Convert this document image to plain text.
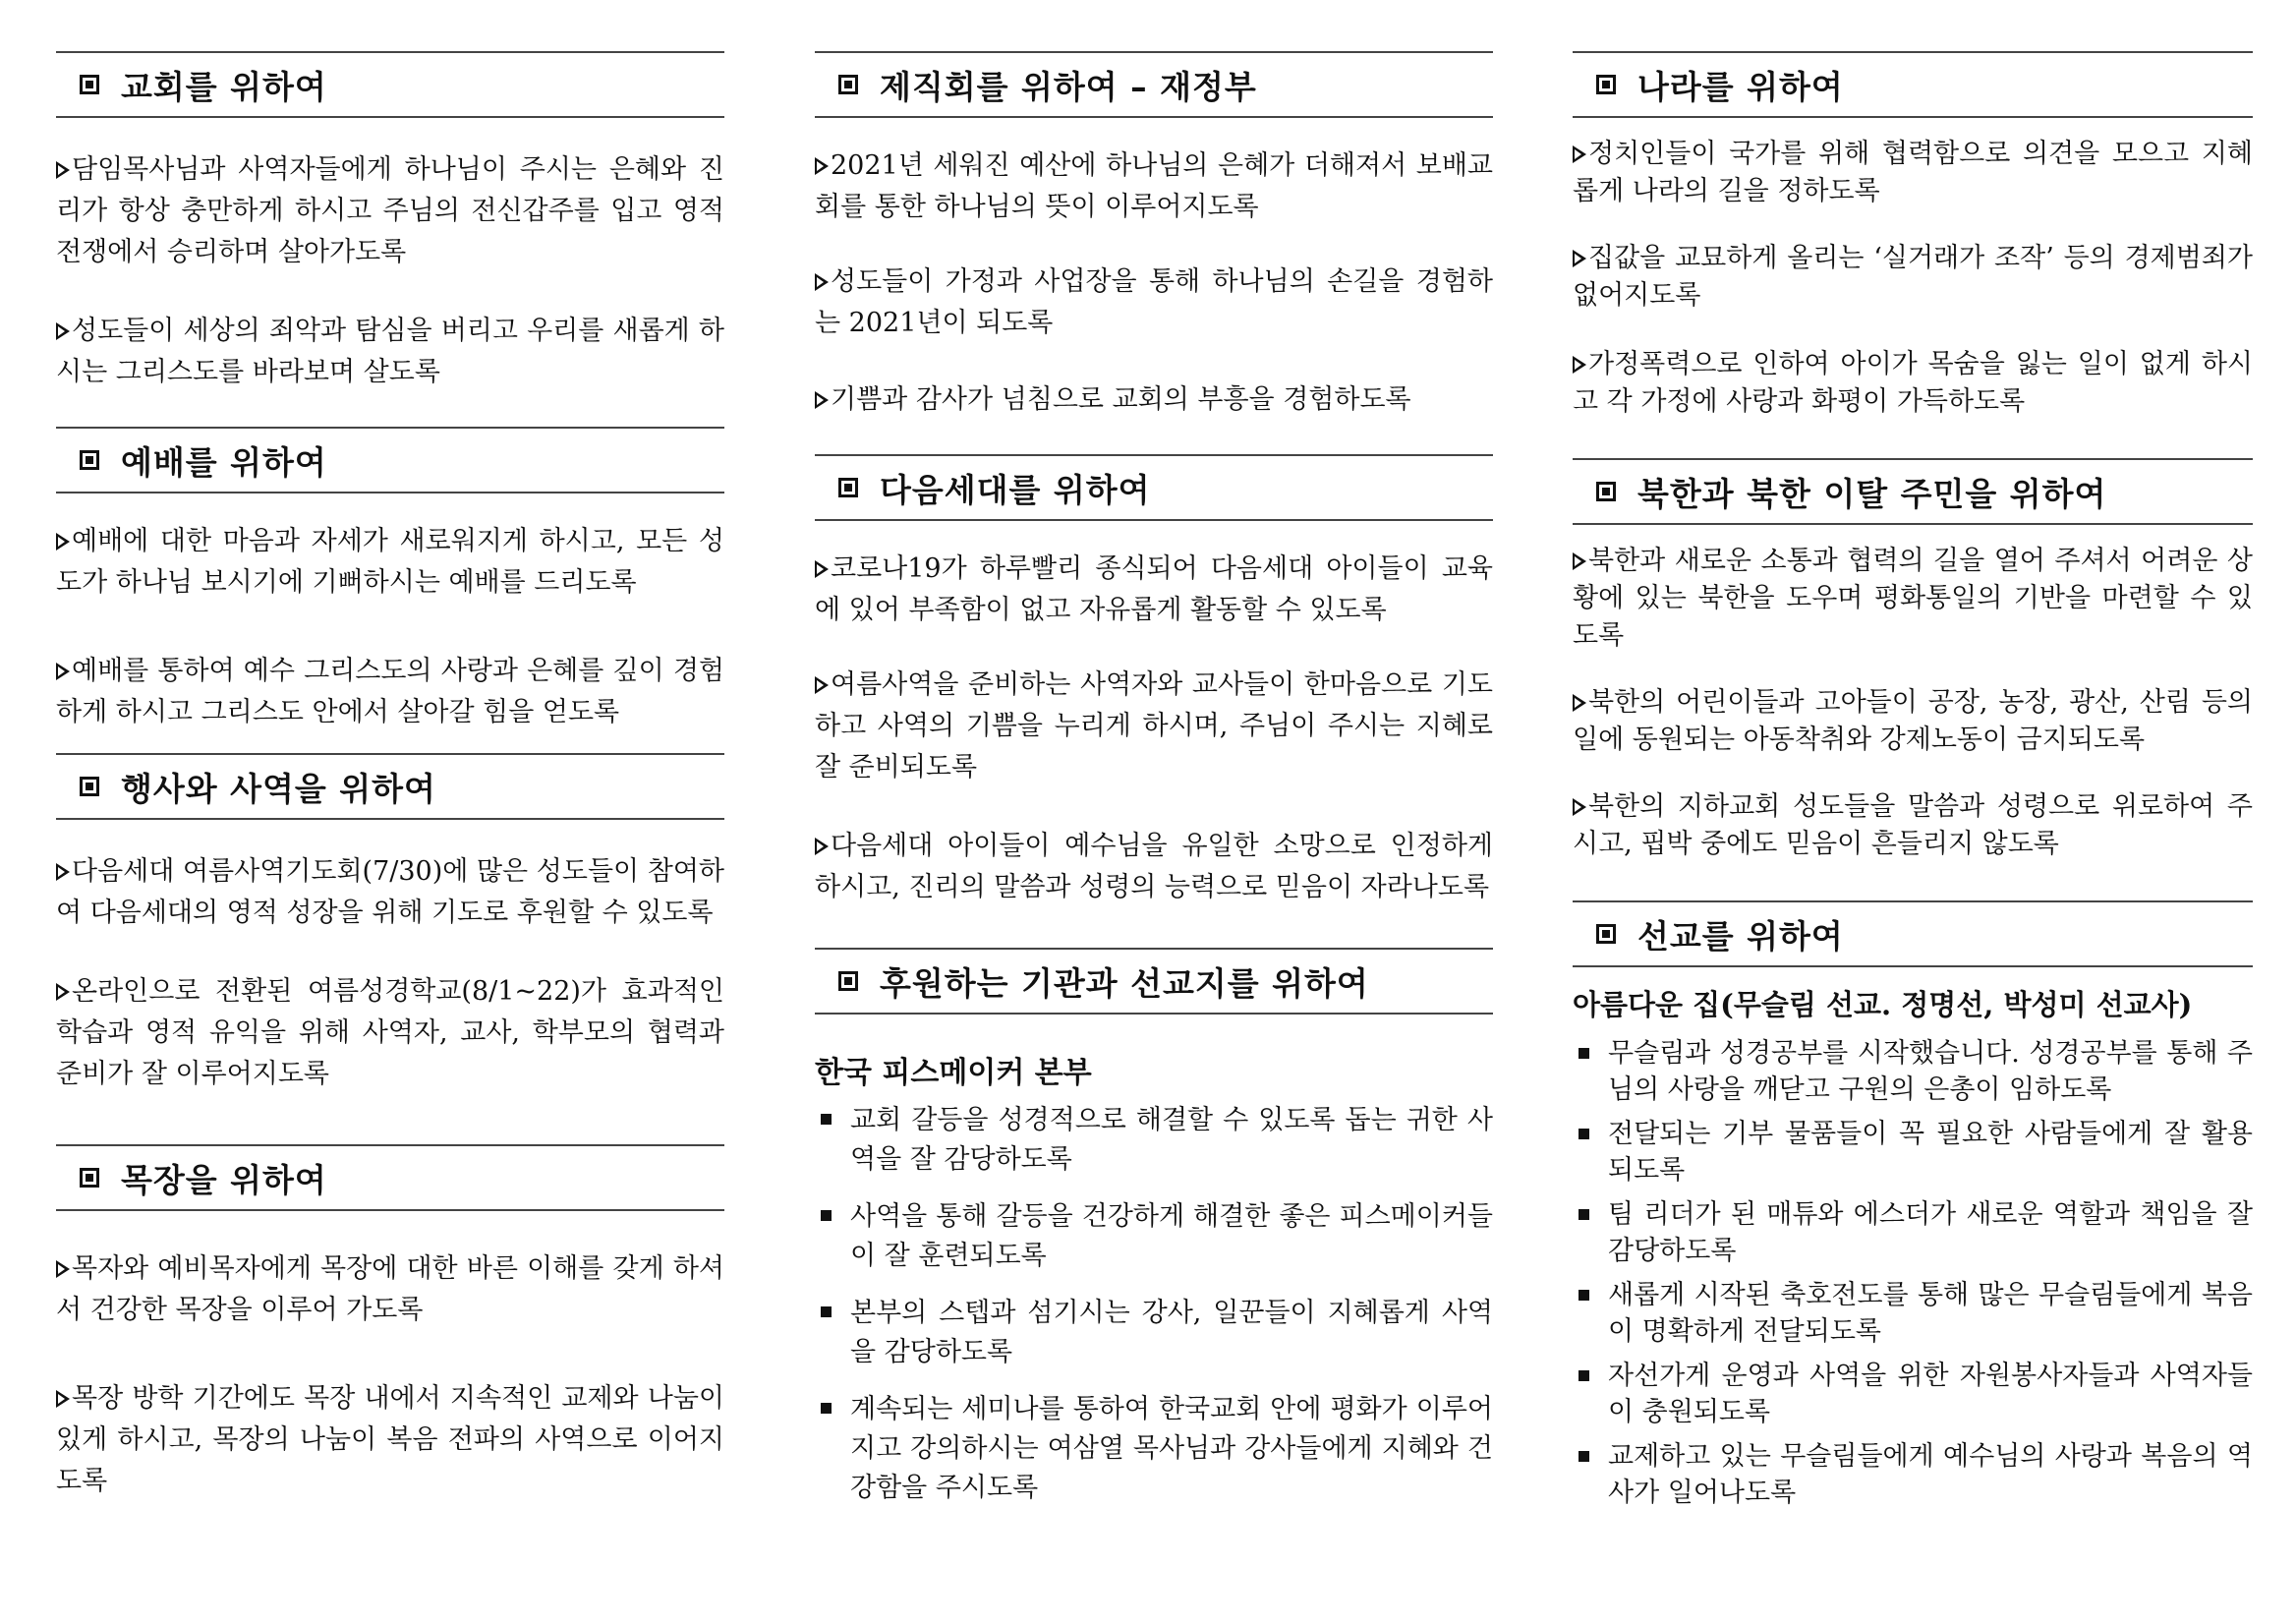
교회를 위하여

담임목사님과 사역자들에게 하나님이 주시는 은혜와 진리가 항상 충만하게 하시고 주님의 전신갑주를 입고 영적 전쟁에서 승리하며 살아가도록

성도들이 세상의 죄악과 탐심을 버리고 우리를 새롭게 하시는 그리스도를 바라보며 살도록

예배를 위하여

예배에 대한 마음과 자세가 새로워지게 하시고, 모든 성도가 하나님 보시기에 기뻐하시는 예배를 드리도록

예배를 통하여 예수 그리스도의 사랑과 은혜를 깊이 경험하게 하시고 그리스도 안에서 살아갈 힘을 얻도록

행사와 사역을 위하여

다음세대 여름사역기도회(7/30)에 많은 성도들이 참여하여 다음세대의 영적 성장을 위해 기도로 후원할 수 있도록

온라인으로 전환된 여름성경학교(8/1~22)가 효과적인 학습과 영적 유익을 위해 사역자, 교사, 학부모의 협력과 준비가 잘 이루어지도록

목장을 위하여

목자와 예비목자에게 목장에 대한 바른 이해를 갖게 하셔서 건강한 목장을 이루어 가도록

목장 방학 기간에도 목장 내에서 지속적인 교제와 나눔이 있게 하시고, 목장의 나눔이 복음 전파의 사역으로 이어지도록

제직회를 위하여 – 재정부

2021년 세워진 예산에 하나님의 은혜가 더해져서 보배교회를 통한 하나님의 뜻이 이루어지도록

성도들이 가정과 사업장을 통해 하나님의 손길을 경험하는 2021년이 되도록

기쁨과 감사가 넘침으로 교회의 부흥을 경험하도록

다음세대를 위하여

코로나19가 하루빨리 종식되어 다음세대 아이들이 교육에 있어 부족함이 없고 자유롭게 활동할 수 있도록

여름사역을 준비하는 사역자와 교사들이 한마음으로 기도하고 사역의 기쁨을 누리게 하시며, 주님이 주시는 지혜로 잘 준비되도록

다음세대 아이들이 예수님을 유일한 소망으로 인정하게 하시고, 진리의 말씀과 성령의 능력으로 믿음이 자라나도록

후원하는 기관과 선교지를 위하여

한국 피스메이커 본부

교회 갈등을 성경적으로 해결할 수 있도록 돕는 귀한 사역을 잘 감당하도록
사역을 통해 갈등을 건강하게 해결한 좋은 피스메이커들이 잘 훈련되도록
본부의 스텝과 섬기시는 강사, 일꾼들이 지혜롭게 사역을 감당하도록
계속되는 세미나를 통하여 한국교회 안에 평화가 이루어지고 강의하시는 여삼열 목사님과 강사들에게 지혜와 건강함을 주시도록
나라를 위하여

정치인들이 국가를 위해 협력함으로 의견을 모으고 지혜롭게 나라의 길을 정하도록

집값을 교묘하게 올리는 ‘실거래가 조작’ 등의 경제범죄가 없어지도록

가정폭력으로 인하여 아이가 목숨을 잃는 일이 없게 하시고 각 가정에 사랑과 화평이 가득하도록

북한과 북한 이탈 주민을 위하여

북한과 새로운 소통과 협력의 길을 열어 주셔서 어려운 상황에 있는 북한을 도우며 평화통일의 기반을 마련할 수 있도록

북한의 어린이들과 고아들이 공장, 농장, 광산, 산림 등의 일에 동원되는 아동착취와 강제노동이 금지되도록

북한의 지하교회 성도들을 말씀과 성령으로 위로하여 주시고, 핍박 중에도 믿음이 흔들리지 않도록

선교를 위하여

아름다운 집(무슬림 선교. 정명선, 박성미 선교사)

무슬림과 성경공부를 시작했습니다. 성경공부를 통해 주님의 사랑을 깨닫고 구원의 은총이 임하도록
전달되는 기부 물품들이 꼭 필요한 사람들에게 잘 활용되도록
팀 리더가 된 매튜와 에스더가 새로운 역할과 책임을 잘 감당하도록
새롭게 시작된 축호전도를 통해 많은 무슬림들에게 복음이 명확하게 전달되도록
자선가게 운영과 사역을 위한 자원봉사자들과 사역자들이 충원되도록
교제하고 있는 무슬림들에게 예수님의 사랑과 복음의 역사가 일어나도록
